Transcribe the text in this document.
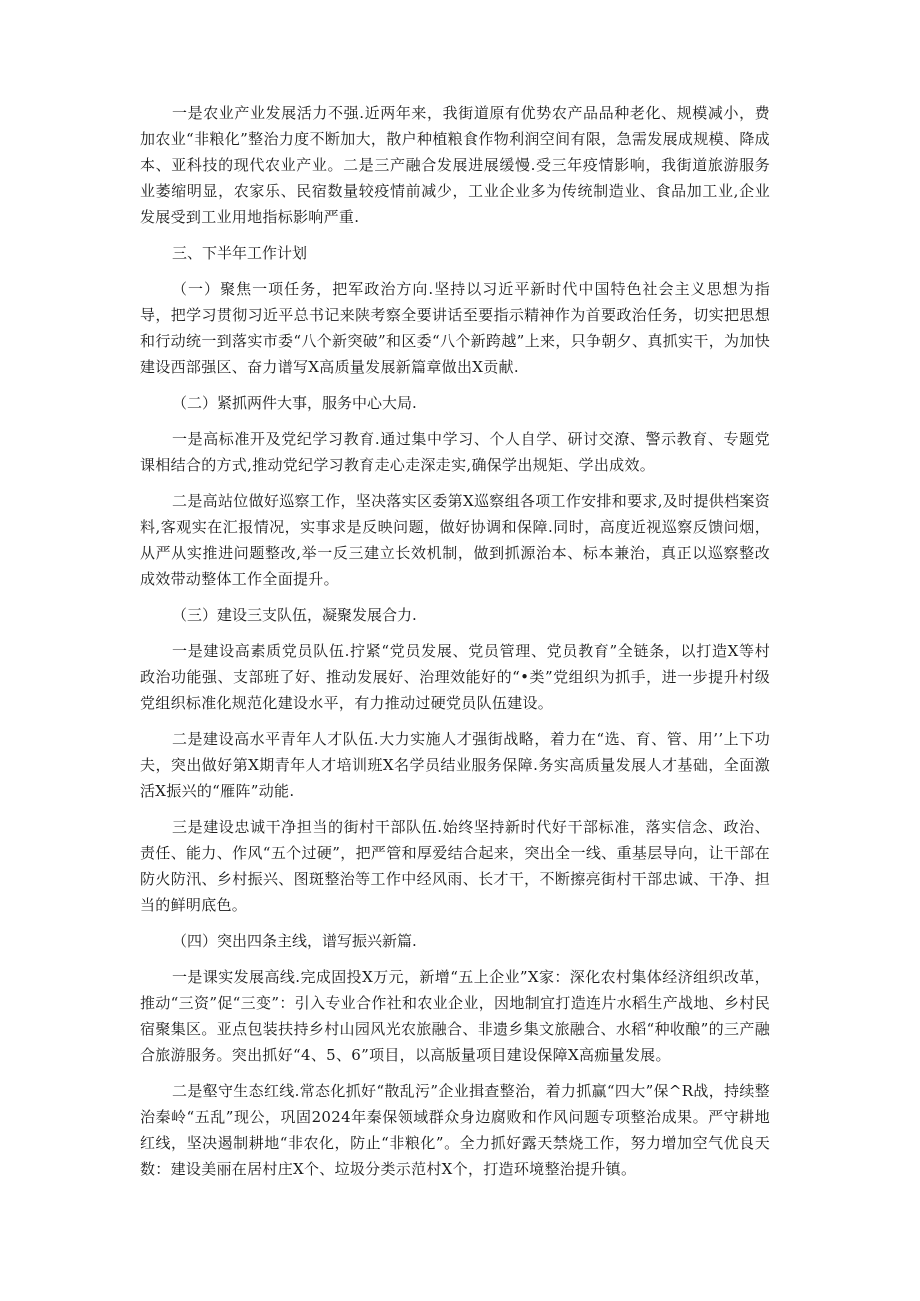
一是农业产业发展活力不强.近两年来，我街道原有优势农产品品种老化、规模减小，费加农业“非粮化”整治力度不断加大，散户种植粮食作物利润空间有限，急需发展成规模、降成本、亚科技的现代农业产业。二是三产融合发展进展缓慢.受三年疫情影响，我街道旅游服务业萎缩明显，农家乐、民宿数量较疫情前减少，工业企业多为传统制造业、食品加工业,企业发展受到工业用地指标影响严重.

三、下半年工作计划

（一）聚焦一项任务，把军政治方向.坚持以习近平新时代中国特色社会主义思想为指导，把学习贯彻习近平总书记来陕考察全要讲话至要指示精神作为首要政治任务，切实把思想和行动统一到落实市委“八个新突破”和区委“八个新跨越”上来，只争朝夕、真抓实干，为加快建设西部强区、奋力谱写X高质量发展新篇章做出X贡献.

（二）紧抓两件大事，服务中心大局.

一是高标准开及党纪学习教育.通过集中学习、个人自学、研讨交潦、警示教育、专题党课相结合的方式,推动党纪学习教育走心走深走实,确保学出规矩、学出成效。

二是高站位做好巡察工作，坚决落实区委第X巡察组各项工作安排和要求,及时提供档案资料,客观实在汇报情况，实事求是反映问题，做好协调和保障.同时，高度近视巡察反馈问烟，从严从实推进问题整改,举一反三建立长效机制，做到抓源治本、标本兼治，真正以巡察整改成效带动整体工作全面提升。

（三）建设三支队伍，凝聚发展合力.

一是建设高素质党员队伍.拧紧“党员发展、党员管理、党员教育”全链条，以打造X等村政治功能强、支部班了好、推动发展好、治理效能好的“•类”党组织为抓手，进一步提升村级党组织标准化规范化建设水平，有力推动过硬党员队伍建设。

二是建设高水平青年人才队伍.大力实施人才强街战略，着力在“选、育、管、用’’上下功夫，突出做好第X期青年人才培训班X名学员结业服务保障.务实高质量发展人才基础，全面激活X振兴的“雁阵”动能.

三是建设忠诚干净担当的街村干部队伍.始终坚持新时代好干部标准，落实信念、政治、责任、能力、作风“五个过硬”，把严管和厚爱结合起来，突出全一线、重基层导向，让干部在防火防汛、乡村振兴、图斑整治等工作中经风雨、长才干，不断擦亮街村干部忠诚、干净、担当的鲜明底色。

（四）突出四条主线，谱写振兴新篇.

一是课实发展高线.完成固投X万元，新增“五上企业”X家：深化农村集体经济组织改革，推动“三资”促“三变”：引入专业合作社和农业企业，因地制宜打造连片水稻生产战地、乡村民宿聚集区。亚点包装扶持乡村山园风光农旅融合、非遗乡集文旅融合、水稻“种收酿”的三产融合旅游服务。突出抓好“4、5、6”项目，以高版量项目建设保障X高痂量发展。

二是壑守生态红线.常态化抓好“散乱污”企业揖查整治，着力抓赢“四大”保^R战，持续整治秦岭“五乱”现公，巩固2024年秦保领域群众身边腐败和作风问题专项整治成果。严守耕地红线，坚决遏制耕地“非农化，防止“非粮化”。全力抓好露天禁烧工作，努力增加空气优良天数：建设美丽在居村庄X个、垃圾分类示范村X个，打造环境整治提升镇。
